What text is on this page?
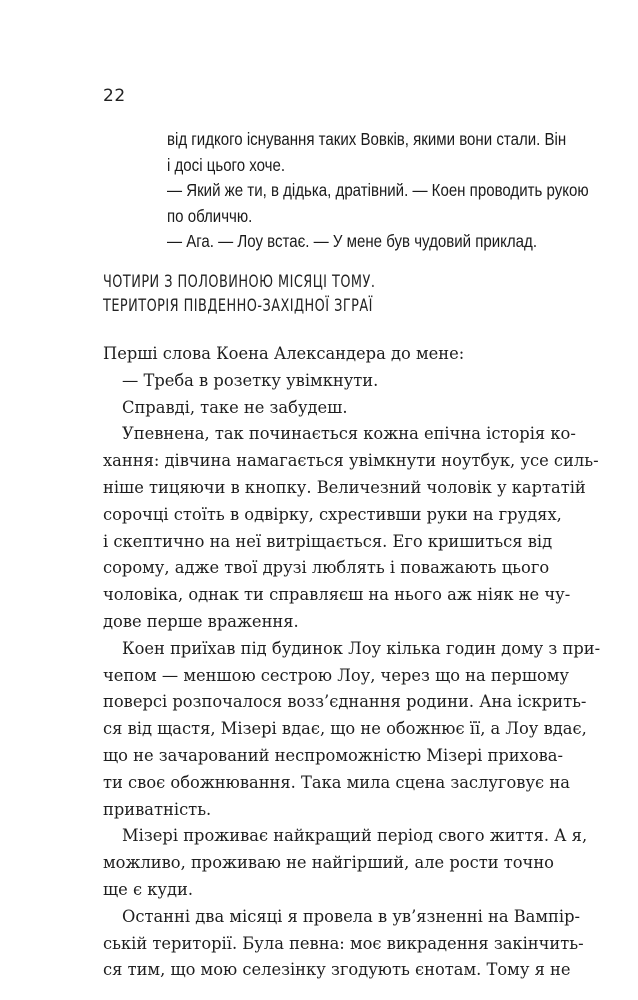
22

від гидкого існування таких Вовків, якими вони стали. Він

і досі цього хоче.

— Який же ти, в дідька, дратівний. — Коен проводить рукою

по обличчю.

— Ага. — Лоу встає. — У мене був чудовий приклад.

ЧОТИРИ З ПОЛОВИНОЮ МІСЯЦІ ТОМУ.
ТЕРИТОРІЯ ПІВДЕННО-ЗАХІДНОЇ ЗГРАЇ
Перші слова Коена Александера до мене:
— Треба в розетку увімкнути.
Справді, таке не забудеш.
Упевнена, так починається кожна епічна історія ко-
хання: дівчина намагається увімкнути ноутбук, усе силь-
ніше тицяючи в кнопку. Величезний чоловік у картатій
сорочці стоїть в одвірку, схрестивши руки на грудях,
і скептично на неї витріщається. Его кришиться від
сорому, адже твої друзі люблять і поважають цього
чоловіка, однак ти справляєш на нього аж ніяк не чу-
дове перше враження.
Коен приїхав під будинок Лоу кілька годин дому з при-
чепом — меншою сестрою Лоу, через що на першому
поверсі розпочалося возз’єднання родини. Ана іскрить-
ся від щастя, Мізері вдає, що не обожнює її, а Лоу вдає,
що не зачарований неспроможністю Мізері приховa-
ти своє обожнювання. Така мила сцена заслуговує на
приватність.
Мізері проживає найкращий період свого життя. А я,
можливо, проживаю не найгірший, але рости точно
ще є куди.
Останні два місяці я провела в ув’язненні на Вампір-
ській території. Була певна: моє викрадення закінчить-
ся тим, що мою селезінку згодують єнотам. Тому я не
